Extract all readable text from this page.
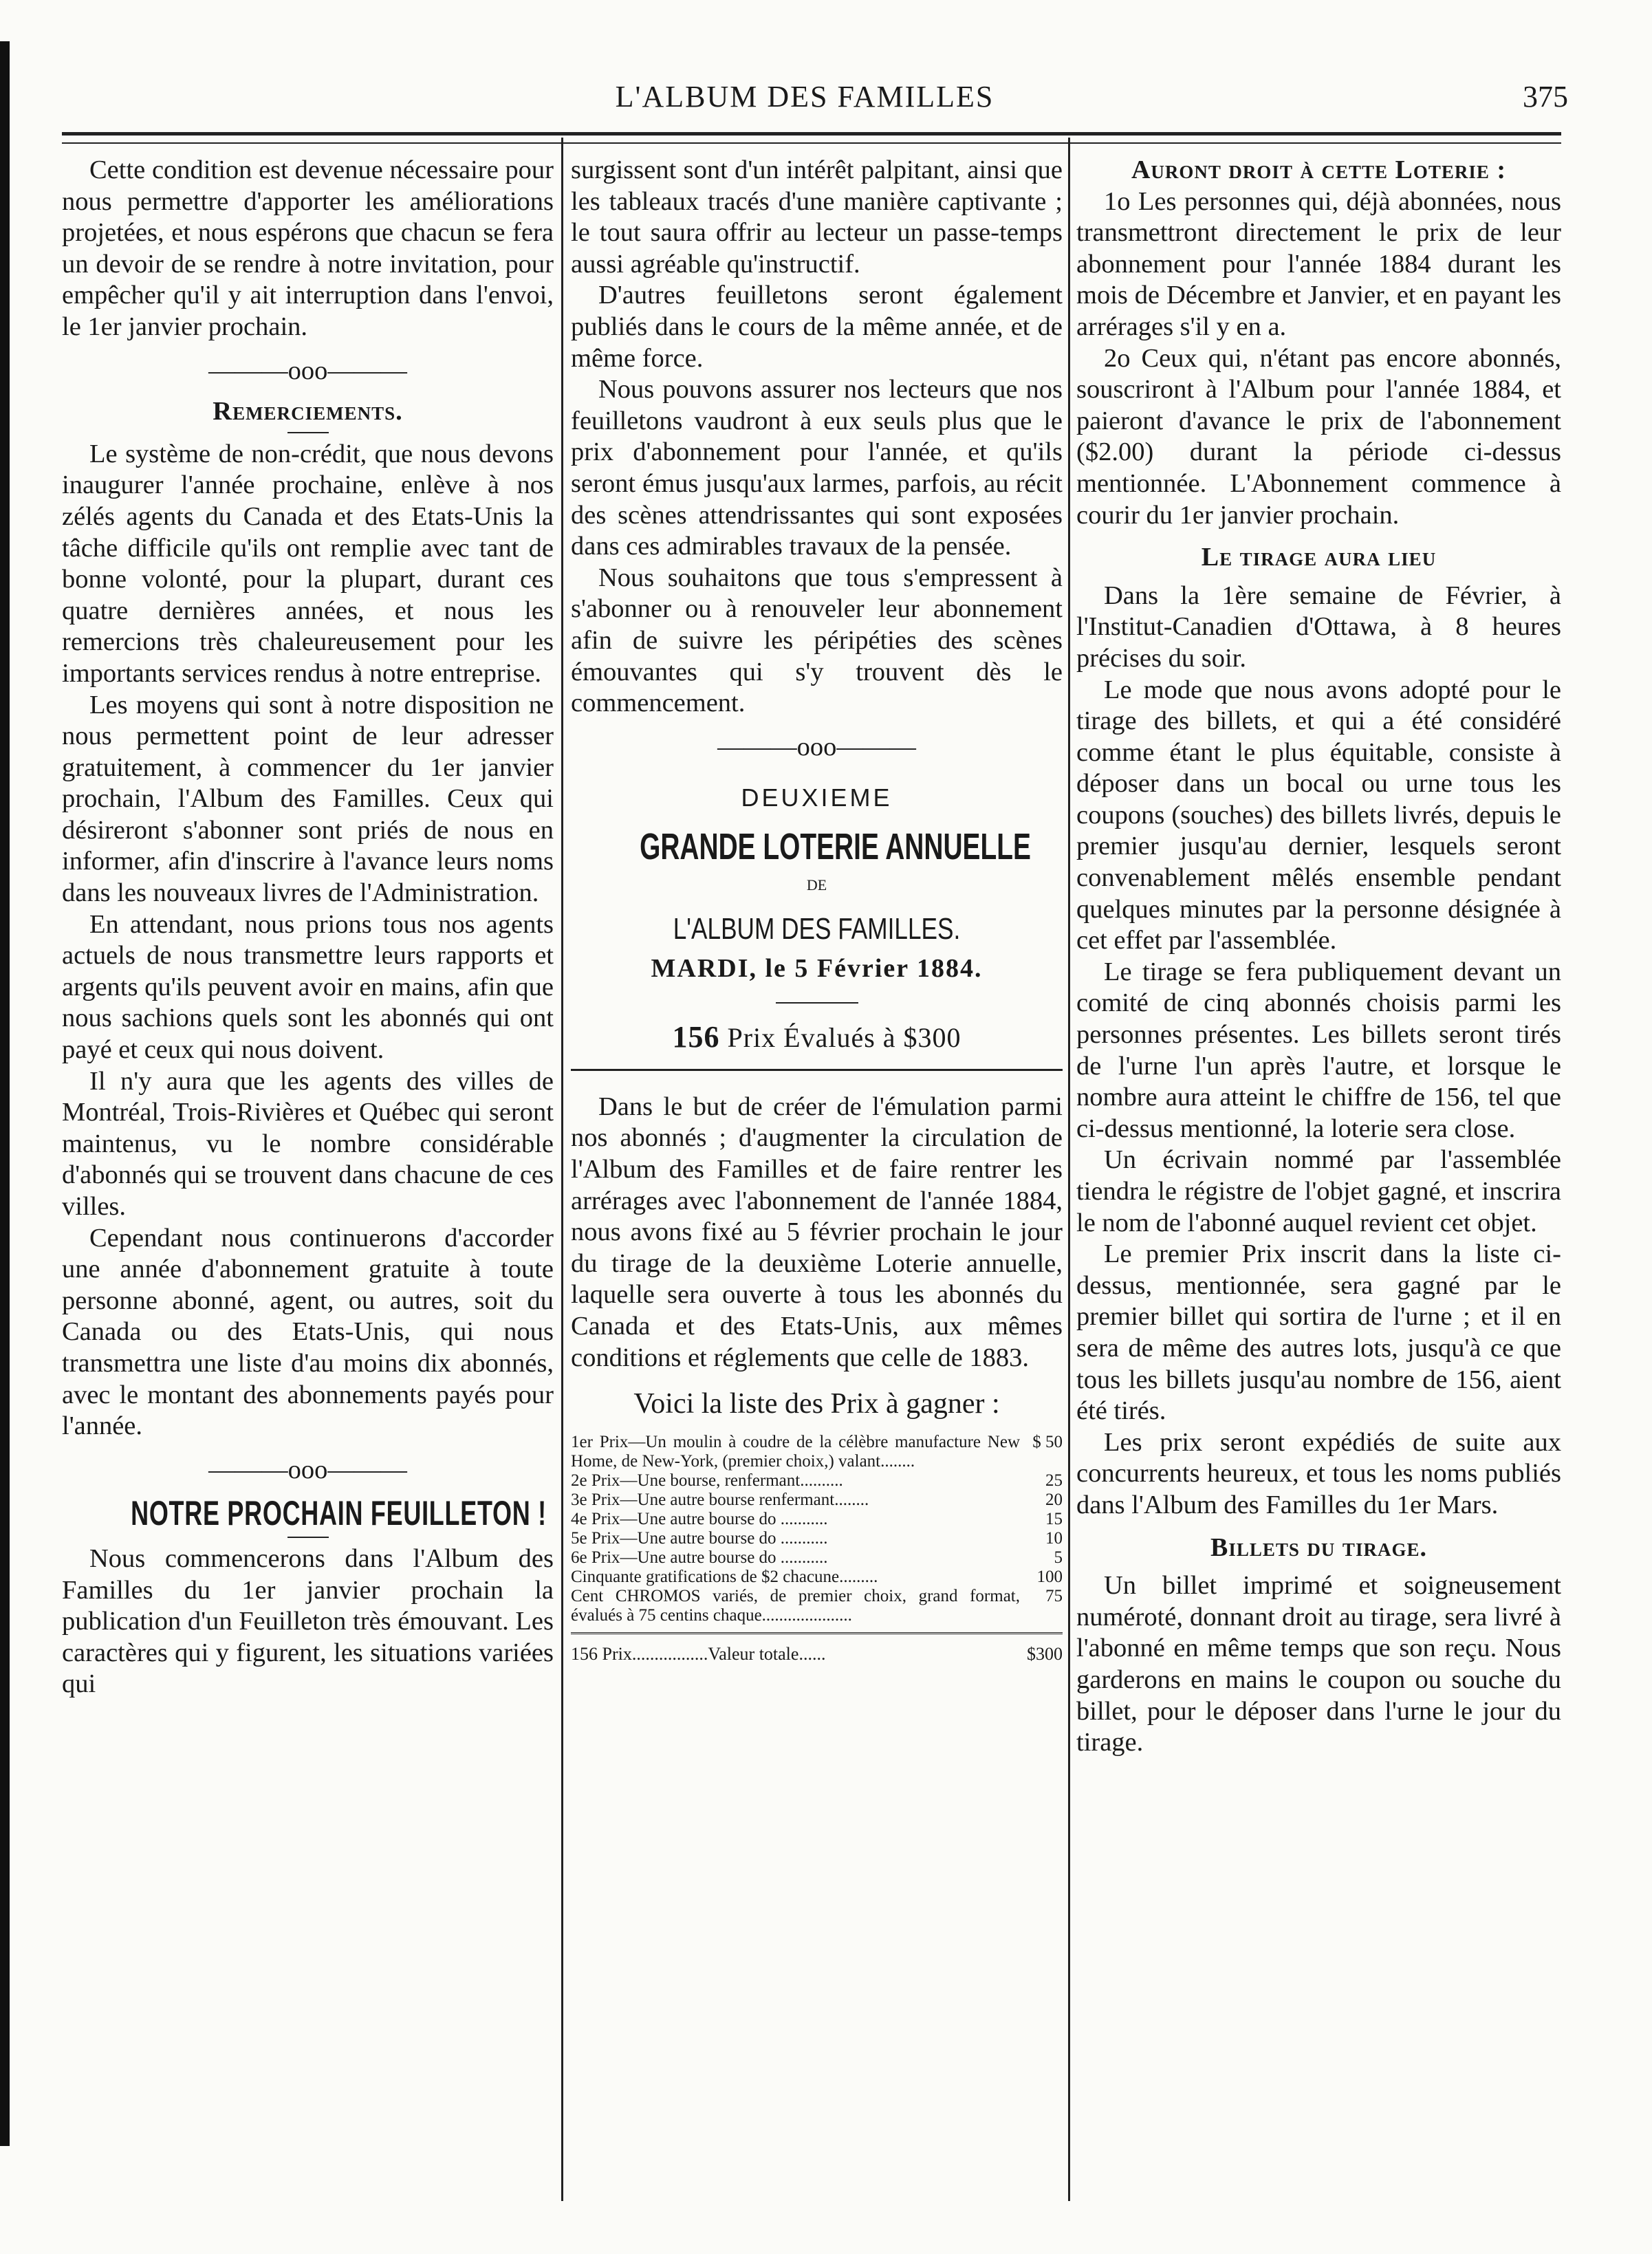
L'ALBUM DES FAMILLES	375

Cette condition est devenue nécessaire pour nous permettre d'apporter les améliorations projetées, et nous espérons que chacun se fera un devoir de se rendre à notre invitation, pour empêcher qu'il y ait interruption dans l'envoi, le 1er janvier prochain.

———ooo———
Remerciements.

Le système de non-crédit, que nous devons inaugurer l'année prochaine, enlève à nos zélés agents du Canada et des Etats-Unis la tâche difficile qu'ils ont remplie avec tant de bonne volonté, pour la plupart, durant ces quatre dernières années, et nous les remercions très chaleureusement pour les importants services rendus à notre entreprise.

Les moyens qui sont à notre disposition ne nous permettent point de leur adresser gratuitement, à commencer du 1er janvier prochain, l'Album des Familles. Ceux qui désireront s'abonner sont priés de nous en informer, afin d'inscrire à l'avance leurs noms dans les nouveaux livres de l'Administration.

En attendant, nous prions tous nos agents actuels de nous transmettre leurs rapports et argents qu'ils peuvent avoir en mains, afin que nous sachions quels sont les abonnés qui ont payé et ceux qui nous doivent.

Il n'y aura que les agents des villes de Montréal, Trois-Rivières et Québec qui seront maintenus, vu le nombre considérable d'abonnés qui se trouvent dans chacune de ces villes.

Cependant nous continuerons d'accorder une année d'abonnement gratuite à toute personne abonné, agent, ou autres, soit du Canada ou des Etats-Unis, qui nous transmettra une liste d'au moins dix abonnés, avec le montant des abonnements payés pour l'année.

———ooo———
NOTRE PROCHAIN FEUILLETON !

Nous commencerons dans l'Album des Familles du 1er janvier prochain la publication d'un Feuilleton très émouvant. Les caractères qui y figurent, les situations variées qui

surgissent sont d'un intérêt palpitant, ainsi que les tableaux tracés d'une manière captivante ; le tout saura offrir au lecteur un passe-temps aussi agréable qu'instructif.

D'autres feuilletons seront également publiés dans le cours de la même année, et de même force.

Nous pouvons assurer nos lecteurs que nos feuilletons vaudront à eux seuls plus que le prix d'abonnement pour l'année, et qu'ils seront émus jusqu'aux larmes, parfois, au récit des scènes attendrissantes qui sont exposées dans ces admirables travaux de la pensée.

Nous souhaitons que tous s'empressent à s'abonner ou à renouveler leur abonnement afin de suivre les péripéties des scènes émouvantes qui s'y trouvent dès le commencement.

———ooo———
DEUXIEME
GRANDE LOTERIE ANNUELLE
DE
L'ALBUM DES FAMILLES.
MARDI, le 5 Février 1884.
156 Prix Évalués à $300

Dans le but de créer de l'émulation parmi nos abonnés ; d'augmenter la circulation de l'Album des Familles et de faire rentrer les arrérages avec l'abonnement de l'année 1884, nous avons fixé au 5 février prochain le jour du tirage de la deuxième Loterie annuelle, laquelle sera ouverte à tous les abonnés du Canada et des Etats-Unis, aux mêmes conditions et réglements que celle de 1883.

Voici la liste des Prix à gagner :
1er Prix—Un moulin à coudre de la célèbre manufacture New Home, de New-York, (premier choix,) valant........	$ 50
2e Prix—Une bourse, renfermant..........	25
3e Prix—Une autre bourse renfermant........	20
4e Prix—Une autre bourse do ...........	15
5e Prix—Une autre bourse do ...........	10
6e Prix—Une autre bourse do ...........	5
Cinquante gratifications de $2 chacune.........	100
Cent CHROMOS variés, de premier choix, grand format, évalués à 75 centins chaque.....................	75
156 Prix.................Valeur totale......	$300
Auront droit à cette Loterie :

1o Les personnes qui, déjà abonnées, nous transmettront directement le prix de leur abonnement pour l'année 1884 durant les mois de Décembre et Janvier, et en payant les arrérages s'il y en a.

2o Ceux qui, n'étant pas encore abonnés, souscriront à l'Album pour l'année 1884, et paieront d'avance le prix de l'abonnement ($2.00) durant la période ci-dessus mentionnée. L'Abonnement commence à courir du 1er janvier prochain.

Le tirage aura lieu

Dans la 1ère semaine de Février, à l'Institut-Canadien d'Ottawa, à 8 heures précises du soir.

Le mode que nous avons adopté pour le tirage des billets, et qui a été considéré comme étant le plus équitable, consiste à déposer dans un bocal ou urne tous les coupons (souches) des billets livrés, depuis le premier jusqu'au dernier, lesquels seront convenablement mêlés ensemble pendant quelques minutes par la personne désignée à cet effet par l'assemblée.

Le tirage se fera publiquement devant un comité de cinq abonnés choisis parmi les personnes présentes. Les billets seront tirés de l'urne l'un après l'autre, et lorsque le nombre aura atteint le chiffre de 156, tel que ci-dessus mentionné, la loterie sera close.

Un écrivain nommé par l'assemblée tiendra le régistre de l'objet gagné, et inscrira le nom de l'abonné auquel revient cet objet.

Le premier Prix inscrit dans la liste ci-dessus, mentionnée, sera gagné par le premier billet qui sortira de l'urne ; et il en sera de même des autres lots, jusqu'à ce que tous les billets jusqu'au nombre de 156, aient été tirés.

Les prix seront expédiés de suite aux concurrents heureux, et tous les noms publiés dans l'Album des Familles du 1er Mars.

Billets du tirage.

Un billet imprimé et soigneusement numéroté, donnant droit au tirage, sera livré à l'abonné en même temps que son reçu. Nous garderons en mains le coupon ou souche du billet, pour le déposer dans l'urne le jour du tirage.
